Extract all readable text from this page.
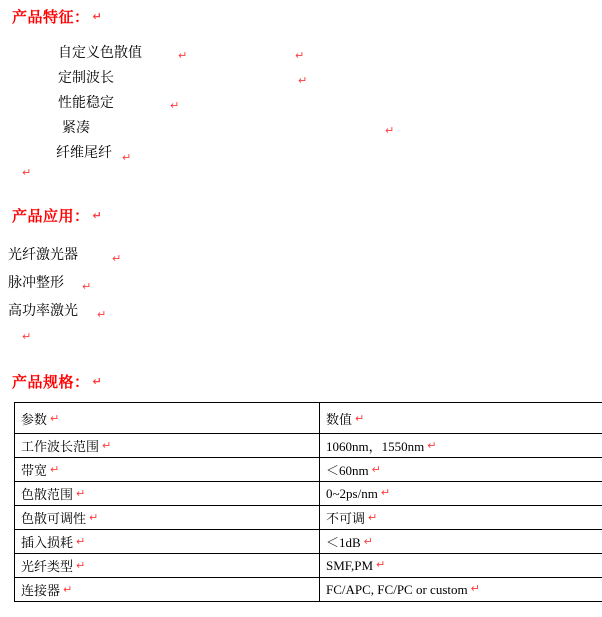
产品特征： ↵
自定义色散值	↵	↵
定制波长	↵
性能稳定	↵
紧凑	↵
纤维尾纤 ↵
↵
产品应用： ↵
光纤激光器	↵
脉冲整形 ↵
高功率激光 ↵
↵
产品规格： ↵
参数 ↵	数值 ↵
工作波长范围 ↵	1060nm，1550nm ↵
带宽 ↵	＜60nm ↵
色散范围 ↵	0~2ps/nm ↵
色散可调性 ↵	不可调 ↵
插入损耗 ↵	＜1dB ↵
光纤类型 ↵	SMF,PM ↵
连接器 ↵	FC/APC, FC/PC or custom ↵
